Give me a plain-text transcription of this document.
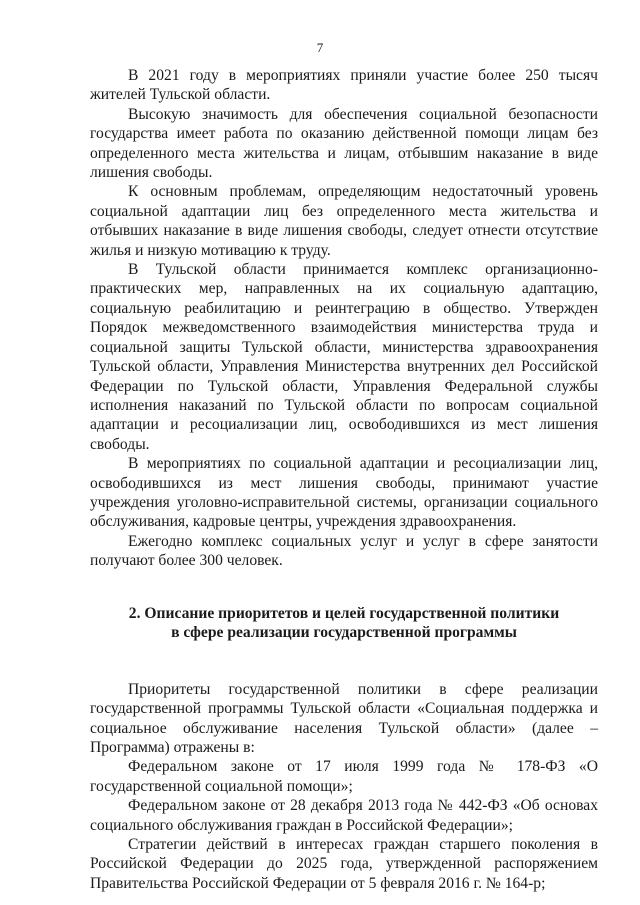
7

В 2021 году в мероприятиях приняли участие более 250 тысяч жителей Тульской области.

Высокую значимость для обеспечения социальной безопасности государства имеет работа по оказанию действенной помощи лицам без определенного места жительства и лицам, отбывшим наказание в виде лишения свободы.

К основным проблемам, определяющим недостаточный уровень социальной адаптации лиц без определенного места жительства и отбывших наказание в виде лишения свободы, следует отнести отсутствие жилья и низкую мотивацию к труду.

В Тульской области принимается комплекс организационно-практических мер, направленных на их социальную адаптацию, социальную реабилитацию и реинтеграцию в общество. Утвержден Порядок межведомственного взаимодействия министерства труда и социальной защиты Тульской области, министерства здравоохранения Тульской области, Управления Министерства внутренних дел Российской Федерации по Тульской области, Управления Федеральной службы исполнения наказаний по Тульской области по вопросам социальной адаптации и ресоциализации лиц, освободившихся из мест лишения свободы.

В мероприятиях по социальной адаптации и ресоциализации лиц, освободившихся из мест лишения свободы, принимают участие учреждения уголовно-исправительной системы, организации социального обслуживания, кадровые центры, учреждения здравоохранения.

Ежегодно комплекс социальных услуг и услуг в сфере занятости получают более 300 человек.

2. Описание приоритетов и целей государственной политики
в сфере реализации государственной программы

Приоритеты государственной политики в сфере реализации государственной программы Тульской области «Социальная поддержка и социальное обслуживание населения Тульской области» (далее – Программа) отражены в:

Федеральном законе от 17 июля 1999 года № 178-ФЗ «О государственной социальной помощи»;

Федеральном законе от 28 декабря 2013 года № 442-ФЗ «Об основах социального обслуживания граждан в Российской Федерации»;

Стратегии действий в интересах граждан старшего поколения в Российской Федерации до 2025 года, утвержденной распоряжением Правительства Российской Федерации от 5 февраля 2016 г. № 164-р;
